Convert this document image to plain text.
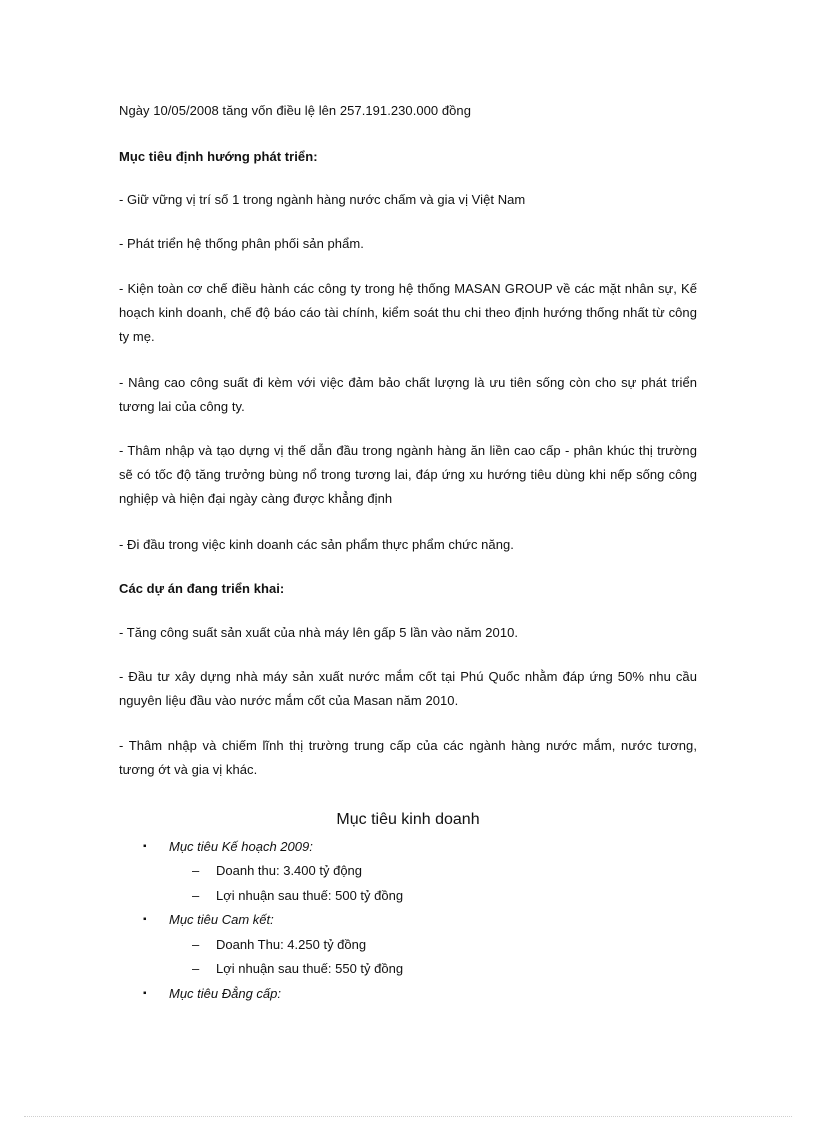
Ngày 10/05/2008 tăng vốn điều lệ lên 257.191.230.000 đồng

Mục tiêu định hướng phát triển:

- Giữ vững vị trí số 1 trong ngành hàng nước chấm và gia vị Việt Nam

- Phát triển hệ thống phân phối sản phẩm.

- Kiện toàn cơ chế điều hành các công ty trong hệ thống MASAN GROUP về các mặt nhân sự, Kế hoạch kinh doanh, chế độ báo cáo tài chính, kiểm soát thu chi theo định hướng thống nhất từ công ty mẹ.

- Nâng cao công suất đi kèm với việc đảm bảo chất lượng là ưu tiên sống còn cho sự phát triển tương lai của công ty.

- Thâm nhập và tạo dựng vị thế dẫn đầu trong ngành hàng ăn liền cao cấp - phân khúc thị trường sẽ có tốc độ tăng trưởng bùng nổ trong tương lai, đáp ứng xu hướng tiêu dùng khi nếp sống công nghiệp và hiện đại ngày càng được khẳng định

- Đi đầu trong việc kinh doanh các sản phẩm thực phẩm chức năng.

Các dự án đang triển khai:

- Tăng công suất sản xuất của nhà máy lên gấp 5 lần vào năm 2010.

- Đầu tư xây dựng nhà máy sản xuất nước mắm cốt tại Phú Quốc nhằm đáp ứng 50% nhu cầu nguyên liệu đầu vào nước mắm cốt của Masan năm 2010.

- Thâm nhập và chiếm lĩnh thị trường trung cấp của các ngành hàng nước mắm, nước tương, tương ớt và gia vị khác.

Mục tiêu kinh doanh

▪ Mục tiêu Kế hoạch 2009:
– Doanh thu: 3.400 tỷ động
– Lợi nhuận sau thuế: 500 tỷ đồng
▪ Mục tiêu Cam kết:
– Doanh Thu: 4.250 tỷ đồng
– Lợi nhuận sau thuế: 550 tỷ đồng
▪ Mục tiêu Đẳng cấp:
